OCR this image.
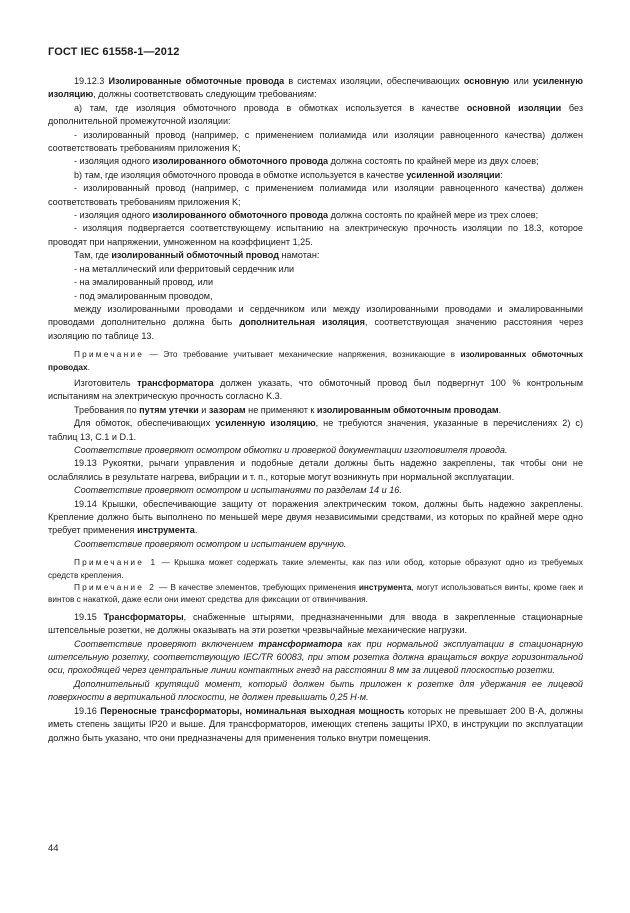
ГОСТ IEC 61558-1—2012

19.12.3 Изолированные обмоточные провода в системах изоляции, обеспечивающих основную или усиленную изоляцию, должны соответствовать следующим требованиям:

a) там, где изоляция обмоточного провода в обмотках используется в качестве основной изоляции без дополнительной промежуточной изоляции:

- изолированный провод (например, с применением полиамида или изоляции равноценного качества) должен соответствовать требованиям приложения K;

- изоляция одного изолированного обмоточного провода должна состоять по крайней мере из двух слоев;

b) там, где изоляция обмоточного провода в обмотке используется в качестве усиленной изоляции:

- изолированный провод (например, с применением полиамида или изоляции равноценного качества) должен соответствовать требованиям приложения K;

- изоляция одного изолированного обмоточного провода должна состоять по крайней мере из трех слоев;

- изоляция подвергается соответствующему испытанию на электрическую прочность изоляции по 18.3, которое проводят при напряжении, умноженном на коэффициент 1,25.

Там, где изолированный обмоточный провод намотан:

- на металлический или ферритовый сердечник или

- на эмалированный провод, или

- под эмалированным проводом,

между изолированными проводами и сердечником или между изолированными проводами и эмалированными проводами дополнительно должна быть дополнительная изоляция, соответствующая значению расстояния через изоляцию по таблице 13.

Примечание — Это требование учитывает механические напряжения, возникающие в изолированных обмоточных проводах.

Изготовитель трансформатора должен указать, что обмоточный провод был подвергнут 100 % контрольным испытаниям на электрическую прочность согласно K.3.

Требования по путям утечки и зазорам не применяют к изолированным обмоточным проводам.

Для обмоток, обеспечивающих усиленную изоляцию, не требуются значения, указанные в перечислениях 2) c) таблиц 13, C.1 и D.1.

Соответствие проверяют осмотром обмотки и проверкой документации изготовителя провода.

19.13 Рукоятки, рычаги управления и подобные детали должны быть надежно закреплены, так чтобы они не ослаблялись в результате нагрева, вибрации и т. п., которые могут возникнуть при нормальной эксплуатации.

Соответствие проверяют осмотром и испытаниями по разделам 14 и 16.

19.14 Крышки, обеспечивающие защиту от поражения электрическим током, должны быть надежно закреплены. Крепление должно быть выполнено по меньшей мере двумя независимыми средствами, из которых по крайней мере одно требует применения инструмента.

Соответствие проверяют осмотром и испытанием вручную.

Примечание 1 — Крышка может содержать такие элементы, как паз или обод, которые образуют одно из требуемых средств крепления.

Примечание 2 — В качестве элементов, требующих применения инструмента, могут использоваться винты, кроме гаек и винтов с накаткой, даже если они имеют средства для фиксации от отвинчивания.

19.15 Трансформаторы, снабженные штырями, предназначенными для ввода в закрепленные стационарные штепсельные розетки, не должны оказывать на эти розетки чрезвычайные механические нагрузки.

Соответствие проверяют включением трансформатора как при нормальной эксплуатации в стационарную штепсельную розетку, соответствующую IEC/TR 60083, при этом розетка должна вращаться вокруг горизонтальной оси, проходящей через центральные линии контактных гнезд на расстоянии 8 мм за лицевой плоскостью розетки.

Дополнительный крутящий момент, который должен быть приложен к розетке для удержания ее лицевой поверхности в вертикальной плоскости, не должен превышать 0,25 Н·м.

19.16 Переносные трансформаторы, номинальная выходная мощность которых не превышает 200 В·А, должны иметь степень защиты IP20 и выше. Для трансформаторов, имеющих степень защиты IPX0, в инструкции по эксплуатации должно быть указано, что они предназначены для применения только внутри помещения.

44
